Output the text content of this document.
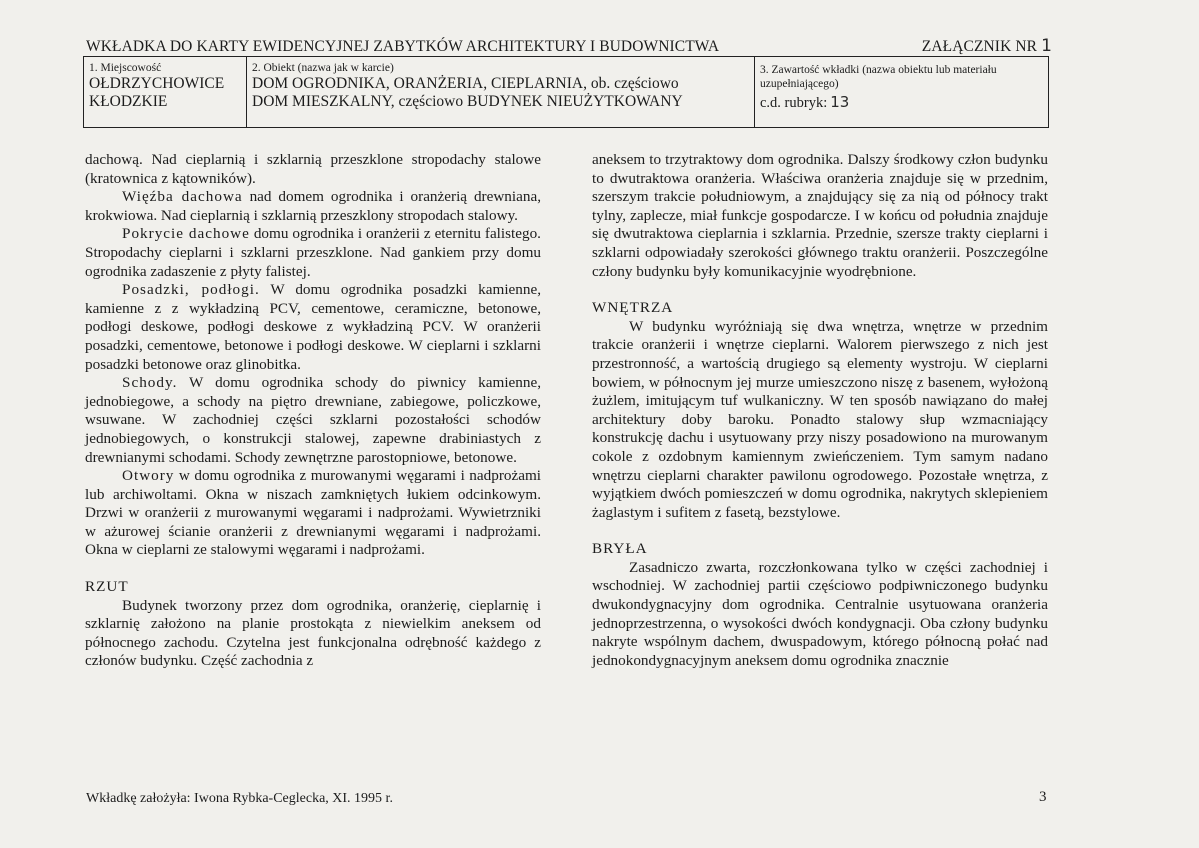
WKŁADKA DO KARTY EWIDENCYJNEJ ZABYTKÓW ARCHITEKTURY I BUDOWNICTWA	ZAŁĄCZNIK NR 1
1. Miejscowość
OŁDRZYCHOWICE
KŁODZKIE
2. Obiekt (nazwa jak w karcie)
DOM OGRODNIKA, ORANŻERIA, CIEPLARNIA, ob. częściowo
DOM MIESZKALNY, częściowo BUDYNEK NIEUŻYTKOWANY
3. Zawartość wkładki (nazwa obiektu lub materiału
uzupełniającego)
c.d. rubryk: 13

dachową. Nad cieplarnią i szklarnią przeszklone stropodachy stalowe (kratownica z kątowników).

Więźba dachowa nad domem ogrodnika i oranżerią drewniana, krokwiowa. Nad cieplarnią i szklarnią przeszklony stropodach stalowy.

Pokrycie dachowe domu ogrodnika i oranżerii z eternitu falistego. Stropodachy cieplarni i szklarni przeszklone. Nad gankiem przy domu ogrodnika zadaszenie z płyty falistej.

Posadzki, podłogi. W domu ogrodnika posadzki kamienne, kamienne z z wykładziną PCV, cementowe, ceramiczne, betonowe, podłogi deskowe, podłogi deskowe z wykładziną PCV. W oranżerii posadzki, cementowe, betonowe i podłogi deskowe. W cieplarni i szklarni posadzki betonowe oraz glinobitka.

Schody. W domu ogrodnika schody do piwnicy kamienne, jednobiegowe, a schody na piętro drewniane, zabiegowe, policzkowe, wsuwane. W zachodniej części szklarni pozostałości schodów jednobiegowych, o konstrukcji stalowej, zapewne drabiniastych z drewnianymi schodami. Schody zewnętrzne parostopniowe, betonowe.

Otwory w domu ogrodnika z murowanymi węgarami i nadprożami lub archiwoltami. Okna w niszach zamkniętych łukiem odcinkowym. Drzwi w oranżerii z murowanymi węgarami i nadprożami. Wywietrzniki w ażurowej ścianie oranżerii z drewnianymi węgarami i nadprożami. Okna w cieplarni ze stalowymi węgarami i nadprożami.

RZUT

Budynek tworzony przez dom ogrodnika, oranżerię, cieplarnię i szklarnię założono na planie prostokąta z niewielkim aneksem od północnego zachodu. Czytelna jest funkcjonalna odrębność każdego z członów budynku. Część zachodnia z

aneksem to trzytraktowy dom ogrodnika. Dalszy środkowy człon budynku to dwutraktowa oranżeria. Właściwa oranżeria znajduje się w przednim, szerszym trakcie południowym, a znajdujący się za nią od północy trakt tylny, zaplecze, miał funkcje gospodarcze. I w końcu od południa znajduje się dwutraktowa cieplarnia i szklarnia. Przednie, szersze trakty cieplarni i szklarni odpowiadały szerokości głównego traktu oranżerii. Poszczególne człony budynku były komunikacyjnie wyodrębnione.

WNĘTRZA

W budynku wyróżniają się dwa wnętrza, wnętrze w przednim trakcie oranżerii i wnętrze cieplarni. Walorem pierwszego z nich jest przestronność, a wartością drugiego są elementy wystroju. W cieplarni bowiem, w północnym jej murze umieszczono niszę z basenem, wyłożoną żużlem, imitującym tuf wulkaniczny. W ten sposób nawiązano do małej architektury doby baroku. Ponadto stalowy słup wzmacniający konstrukcję dachu i usytuowany przy niszy posadowiono na murowanym cokole z ozdobnym kamiennym zwieńczeniem. Tym samym nadano wnętrzu cieplarni charakter pawilonu ogrodowego. Pozostałe wnętrza, z wyjątkiem dwóch pomieszczeń w domu ogrodnika, nakrytych sklepieniem żaglastym i sufitem z fasetą, bezstylowe.

BRYŁA

Zasadniczo zwarta, rozczłonkowana tylko w części zachodniej i wschodniej. W zachodniej partii częściowo podpiwniczonego budynku dwukondygnacyjny dom ogrodnika. Centralnie usytuowana oranżeria jednoprzestrzenna, o wysokości dwóch kondygnacji. Oba człony budynku nakryte wspólnym dachem, dwuspadowym, którego północną połać nad jednokondygnacyjnym aneksem domu ogrodnika znacznie

Wkładkę założyła: Iwona Rybka-Ceglecka, XI. 1995 r.	3
